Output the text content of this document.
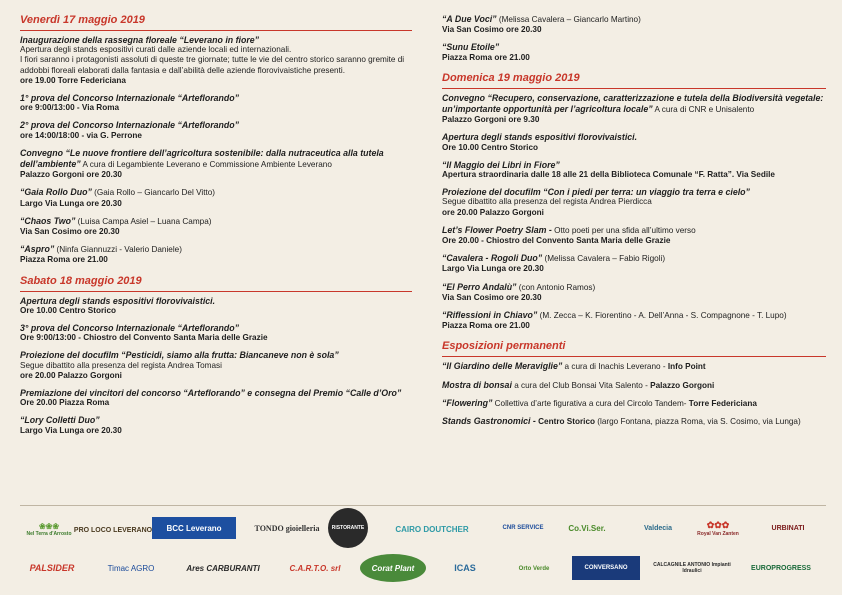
Venerdì 17 maggio 2019
Inaugurazione della rassegna floreale “Leverano in fiore”
Apertura degli stands espositivi curati dalle aziende locali ed internazionali.
I fiori saranno i protagonisti assoluti di queste tre giornate; tutte le vie del centro storico saranno gremite di addobbi floreali elaborati dalla fantasia e dall’abilità delle aziende florovivaistiche presenti.
ore 19.00 Torre Federiciana
1° prova del Concorso Internazionale “Arteflorando”
ore 9:00/13:00 - Via Roma
2° prova del Concorso Internazionale “Arteflorando”
ore 14:00/18:00 - via G. Perrone
Convegno “Le nuove frontiere dell’agricoltura sostenibile: dalla nutraceutica alla tutela dell’ambiente” A cura di Legambiente Leverano e Commissione Ambiente Leverano
Palazzo Gorgoni ore 20.30
“Gaia Rollo Duo” (Gaia Rollo – Giancarlo Del Vitto)
Largo Via Lunga ore 20.30
“Chaos Two” (Luisa Campa Asiel – Luana Campa)
Via San Cosimo ore 20.30
“Aspro” (Ninfa Giannuzzi - Valerio Daniele)
Piazza Roma ore 21.00
Sabato 18 maggio 2019
Apertura degli stands espositivi florovivaistici.
Ore 10.00 Centro Storico
3° prova del Concorso Internazionale “Arteflorando”
Ore 9:00/13:00 - Chiostro del Convento Santa Maria delle Grazie
Proiezione del docufilm “Pesticidi, siamo alla frutta: Biancaneve non è sola”
Segue dibattito alla presenza del regista Andrea Tomasi
ore 20.00 Palazzo Gorgoni
Premiazione dei vincitori del concorso “Arteflorando” e consegna del Premio “Calle d’Oro”
Ore 20.00 Piazza Roma
“Lory Colletti Duo”
Largo Via Lunga ore 20.30
“A Due Voci” (Melissa Cavalera – Giancarlo Martino)
Via San Cosimo ore 20.30
“Sunu Etoile”
Piazza Roma ore 21.00
Domenica 19 maggio 2019
Convegno “Recupero, conservazione, caratterizzazione e tutela della Biodiversità vegetale: un’importante opportunità per l’agricoltura locale” A cura di CNR e Unisalento
Palazzo Gorgoni ore 9.30
Apertura degli stands espositivi florovivaistici.
Ore 10.00 Centro Storico
“Il Maggio dei Libri in Fiore”
Apertura straordinaria dalle 18 alle 21 della Biblioteca Comunale “F. Ratta”. Via Sedile
Proiezione del docufilm “Con i piedi per terra: un viaggio tra terra e cielo”
Segue dibattito alla presenza del regista Andrea Pierdicca
ore 20.00 Palazzo Gorgoni
Let’s Flower Poetry Slam - Otto poeti per una sfida all’ultimo verso
Ore 20.00 - Chiostro del Convento Santa Maria delle Grazie
“Cavalera - Rogoli Duo” (Melissa Cavalera – Fabio Rigoli)
Largo Via Lunga ore 20.30
“El Perro Andalù” (con Antonio Ramos)
Via San Cosimo ore 20.30
“Riflessioni in Chiavo” (M. Zecca – K. Fiorentino - A. Dell’Anna - S. Compagnone - T. Lupo)
Piazza Roma ore 21.00
Esposizioni permanenti
“Il Giardino delle Meraviglie” a cura di Inachis Leverano - Info Point
Mostra di bonsai a cura del Club Bonsai Vita Salento - Palazzo Gorgoni
“Flowering” Collettiva d’arte figurativa a cura del Circolo Tandem- Torre Federiciana
Stands Gastronomici - Centro Storico (largo Fontana, piazza Roma, via S. Cosimo, via Lunga)
❀❀❀
Nel Terra d'Arrosto PRO LOCO LEVERANO BCC Leverano	TONDO gioielleria RISTORANTE	CAIRO DOUTCHER	CNR SERVICE	Co.Vi.Ser.	Valdecia	✿✿✿
Royal Van Zanten
URBINATI
PALSIDER	Timac AGRO	Ares CARBURANTI	C.A.R.T.O. srl	Corat Plant	ICAS	Orto Verde	CONVERSANO	CALCAGNILE ANTONIO Impianti Idraulici	EUROPROGRESS
